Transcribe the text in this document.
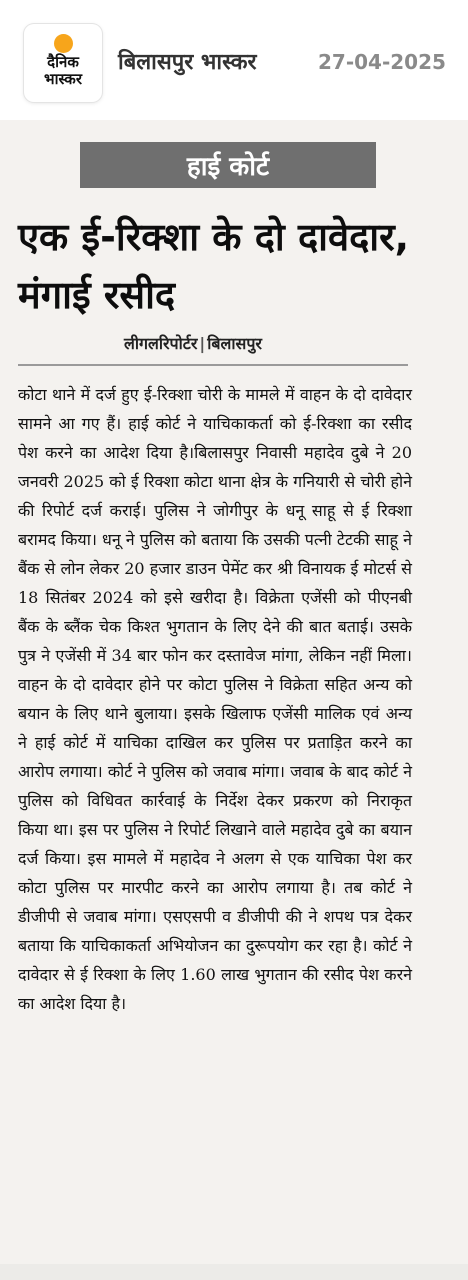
दैनिक
भास्कर
बिलासपुर भास्कर	27-04-2025
हाई कोर्ट
एक ई-रिक्शा के दो दावेदार, मंगाई रसीद
लीगलरिपोर्टर | बिलासपुर

कोटा थाने में दर्ज हुए ई-रिक्शा चोरी के मामले में वाहन के दो दावेदार सामने आ गए हैं। हाई कोर्ट ने याचिकाकर्ता को ई-रिक्शा का रसीद पेश करने का आदेश दिया है।बिलासपुर निवासी महादेव दुबे ने 20 जनवरी 2025 को ई रिक्शा कोटा थाना क्षेत्र के गनियारी से चोरी होने की रिपोर्ट दर्ज कराई। पुलिस ने जोगीपुर के धनू साहू से ई रिक्शा बरामद किया। धनू ने पुलिस को बताया कि उसकी पत्नी टेटकी साहू ने बैंक से लोन लेकर 20 हजार डाउन पेमेंट कर श्री विनायक ई मोटर्स से 18 सितंबर 2024 को इसे खरीदा है। विक्रेता एजेंसी को पीएनबी बैंक के ब्लैंक चेक किश्त भुगतान के लिए देने की बात बताई। उसके पुत्र ने एजेंसी में 34 बार फोन कर दस्तावेज मांगा, लेकिन नहीं मिला। वाहन के दो दावेदार होने पर कोटा पुलिस ने विक्रेता सहित अन्य को बयान के लिए थाने बुलाया। इसके खिलाफ एजेंसी मालिक एवं अन्य ने हाई कोर्ट में याचिका दाखिल कर पुलिस पर प्रताड़ित करने का आरोप लगाया। कोर्ट ने पुलिस को जवाब मांगा। जवाब के बाद कोर्ट ने पुलिस को विधिवत कार्रवाई के निर्देश देकर प्रकरण को निराकृत किया था। इस पर पुलिस ने रिपोर्ट लिखाने वाले महादेव दुबे का बयान दर्ज किया। इस मामले में महादेव ने अलग से एक याचिका पेश कर कोटा पुलिस पर मारपीट करने का आरोप लगाया है। तब कोर्ट ने डीजीपी से जवाब मांगा। एसएसपी व डीजीपी की ने शपथ पत्र देकर बताया कि याचिकाकर्ता अभियोजन का दुरूपयोग कर रहा है। कोर्ट ने दावेदार से ई रिक्शा के लिए 1.60 लाख भुगतान की रसीद पेश करने का आदेश दिया है।
